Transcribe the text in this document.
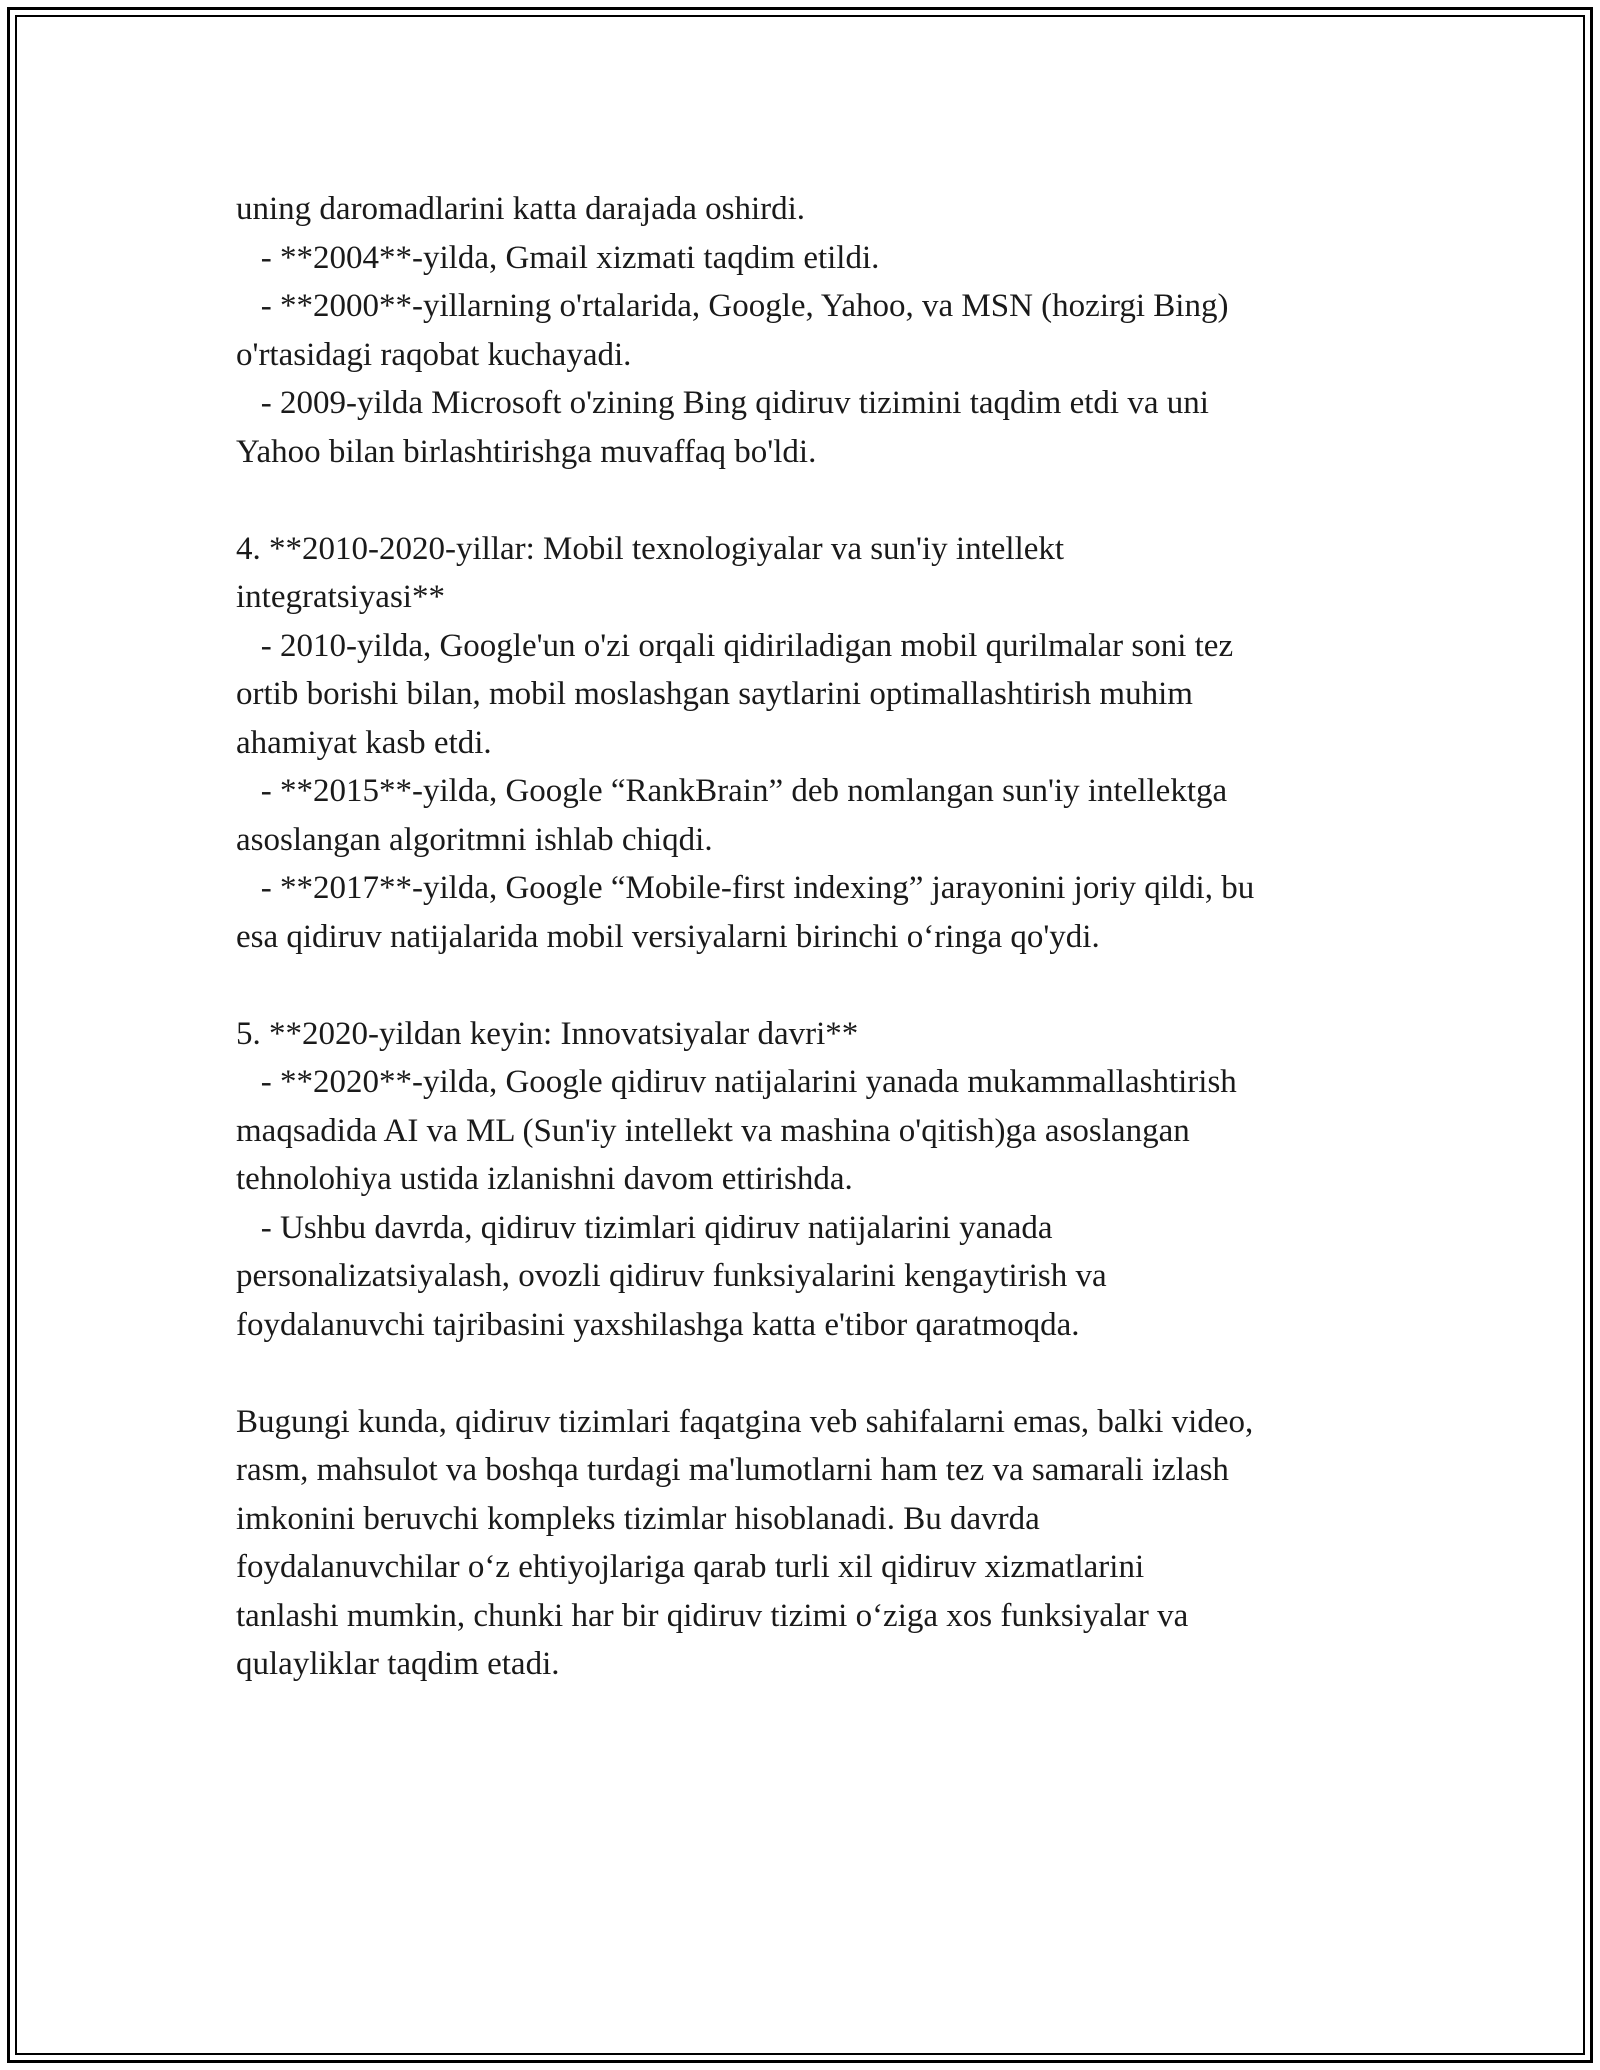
uning daromadlarini katta darajada oshirdi.
- **2004**-yilda, Gmail xizmati taqdim etildi.
- **2000**-yillarning o'rtalarida, Google, Yahoo, va MSN (hozirgi Bing)
o'rtasidagi raqobat kuchayadi.
- 2009-yilda Microsoft o'zining Bing qidiruv tizimini taqdim etdi va uni
Yahoo bilan birlashtirishga muvaffaq bo'ldi.
4. **2010-2020-yillar: Mobil texnologiyalar va sun'iy intellekt
integratsiyasi**
- 2010-yilda, Google'un o'zi orqali qidiriladigan mobil qurilmalar soni tez
ortib borishi bilan, mobil moslashgan saytlarini optimallashtirish muhim
ahamiyat kasb etdi.
- **2015**-yilda, Google “RankBrain” deb nomlangan sun'iy intellektga
asoslangan algoritmni ishlab chiqdi.
- **2017**-yilda, Google “Mobile-first indexing” jarayonini joriy qildi, bu
esa qidiruv natijalarida mobil versiyalarni birinchi o‘ringa qo'ydi.
5. **2020-yildan keyin: Innovatsiyalar davri**
- **2020**-yilda, Google qidiruv natijalarini yanada mukammallashtirish
maqsadida AI va ML (Sun'iy intellekt va mashina o'qitish)ga asoslangan
tehnolohiya ustida izlanishni davom ettirishda.
- Ushbu davrda, qidiruv tizimlari qidiruv natijalarini yanada
personalizatsiyalash, ovozli qidiruv funksiyalarini kengaytirish va
foydalanuvchi tajribasini yaxshilashga katta e'tibor qaratmoqda.
Bugungi kunda, qidiruv tizimlari faqatgina veb sahifalarni emas, balki video,
rasm, mahsulot va boshqa turdagi ma'lumotlarni ham tez va samarali izlash
imkonini beruvchi kompleks tizimlar hisoblanadi. Bu davrda
foydalanuvchilar o‘z ehtiyojlariga qarab turli xil qidiruv xizmatlarini
tanlashi mumkin, chunki har bir qidiruv tizimi o‘ziga xos funksiyalar va
qulayliklar taqdim etadi.
